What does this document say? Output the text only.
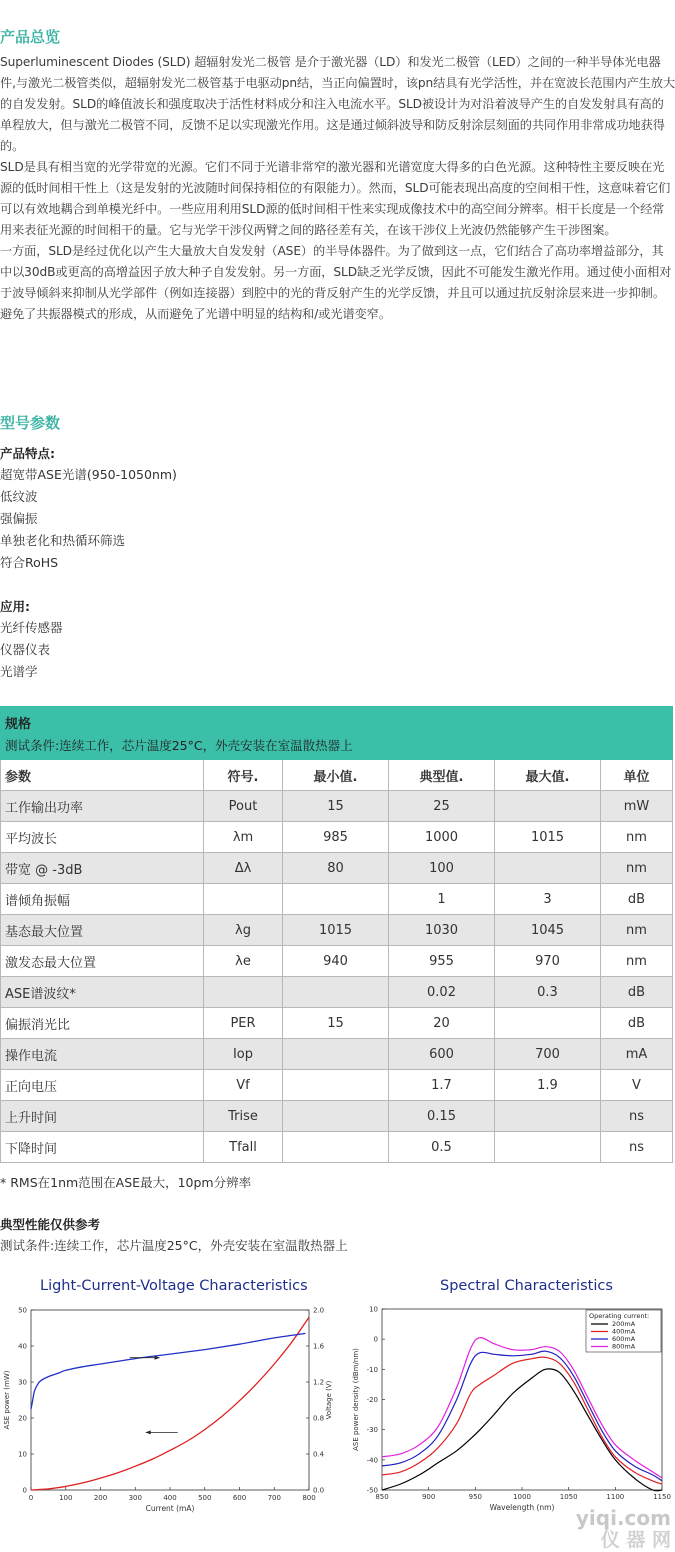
产品总览

Superluminescent Diodes (SLD) 超辐射发光二极管 是介于激光器（LD）和发光二极管（LED）之间的一种半导体光电器件,与激光二极管类似，超辐射发光二极管基于电驱动pn结，当正向偏置时，该pn结具有光学活性，并在宽波长范围内产生放大的自发发射。SLD的峰值波长和强度取决于活性材料成分和注入电流水平。SLD被设计为对沿着波导产生的自发发射具有高的单程放大，但与激光二极管不同，反馈不足以实现激光作用。这是通过倾斜波导和防反射涂层刻面的共同作用非常成功地获得的。

SLD是具有相当宽的光学带宽的光源。它们不同于光谱非常窄的激光器和光谱宽度大得多的白色光源。这种特性主要反映在光源的低时间相干性上（这是发射的光波随时间保持相位的有限能力）。然而，SLD可能表现出高度的空间相干性，这意味着它们可以有效地耦合到单模光纤中。一些应用利用SLD源的低时间相干性来实现成像技术中的高空间分辨率。相干长度是一个经常用来表征光源的时间相干的量。它与光学干涉仪两臂之间的路径差有关，在该干涉仪上光波仍然能够产生干涉图案。

一方面，SLD是经过优化以产生大量放大自发发射（ASE）的半导体器件。为了做到这一点，它们结合了高功率增益部分，其中以30dB或更高的高增益因子放大种子自发发射。另一方面，SLD缺乏光学反馈，因此不可能发生激光作用。通过使小面相对于波导倾斜来抑制从光学部件（例如连接器）到腔中的光的背反射产生的光学反馈，并且可以通过抗反射涂层来进一步抑制。避免了共振器模式的形成，从而避免了光谱中明显的结构和/或光谱变窄。

型号参数
产品特点:
超宽带ASE光谱(950-1050nm)
低纹波
强偏振
单独老化和热循环筛选
符合RoHS
应用:
光纤传感器
仪器仪表
光谱学
规格
测试条件:连续工作，芯片温度25°C，外壳安装在室温散热器上					

参数	符号.	最小值.	典型值.	最大值.	单位
工作输出功率	Pout	15	25		mW
平均波长	λm	985	1000	1015	nm
带宽 @ -3dB	Δλ	80	100		nm
谱倾角振幅			1	3	dB
基态最大位置	λg	1015	1030	1045	nm
激发态最大位置	λe	940	955	970	nm
ASE谱波纹*			0.02	0.3	dB
偏振消光比	PER	15	20		dB
操作电流	Iop		600	700	mA
正向电压	Vf		1.7	1.9	V
上升时间	Trise		0.15		ns
下降时间	Tfall		0.5		ns
* RMS在1nm范围在ASE最大，10pm分辨率
典型性能仅供参考
测试条件:连续工作，芯片温度25°C，外壳安装在室温散热器上
Light-Current-Voltage Characteristics
0	100	200	300	400	500	600	700	800
0
10
20
30
40
50
0.0
0.4
0.8
1.2
1.6
2.0
Current (mA)
ASE power (mW)	Voltage (V)
Spectral Characteristics
850	900	950	1000	1050	1100	1150
-50
-40
-30
-20
-10
0
10
Wavelength (nm)
ASE power density (dBm/nm)
Operating current:
200mA
400mA
600mA
800mA
yiqi.com
仪 器 网
